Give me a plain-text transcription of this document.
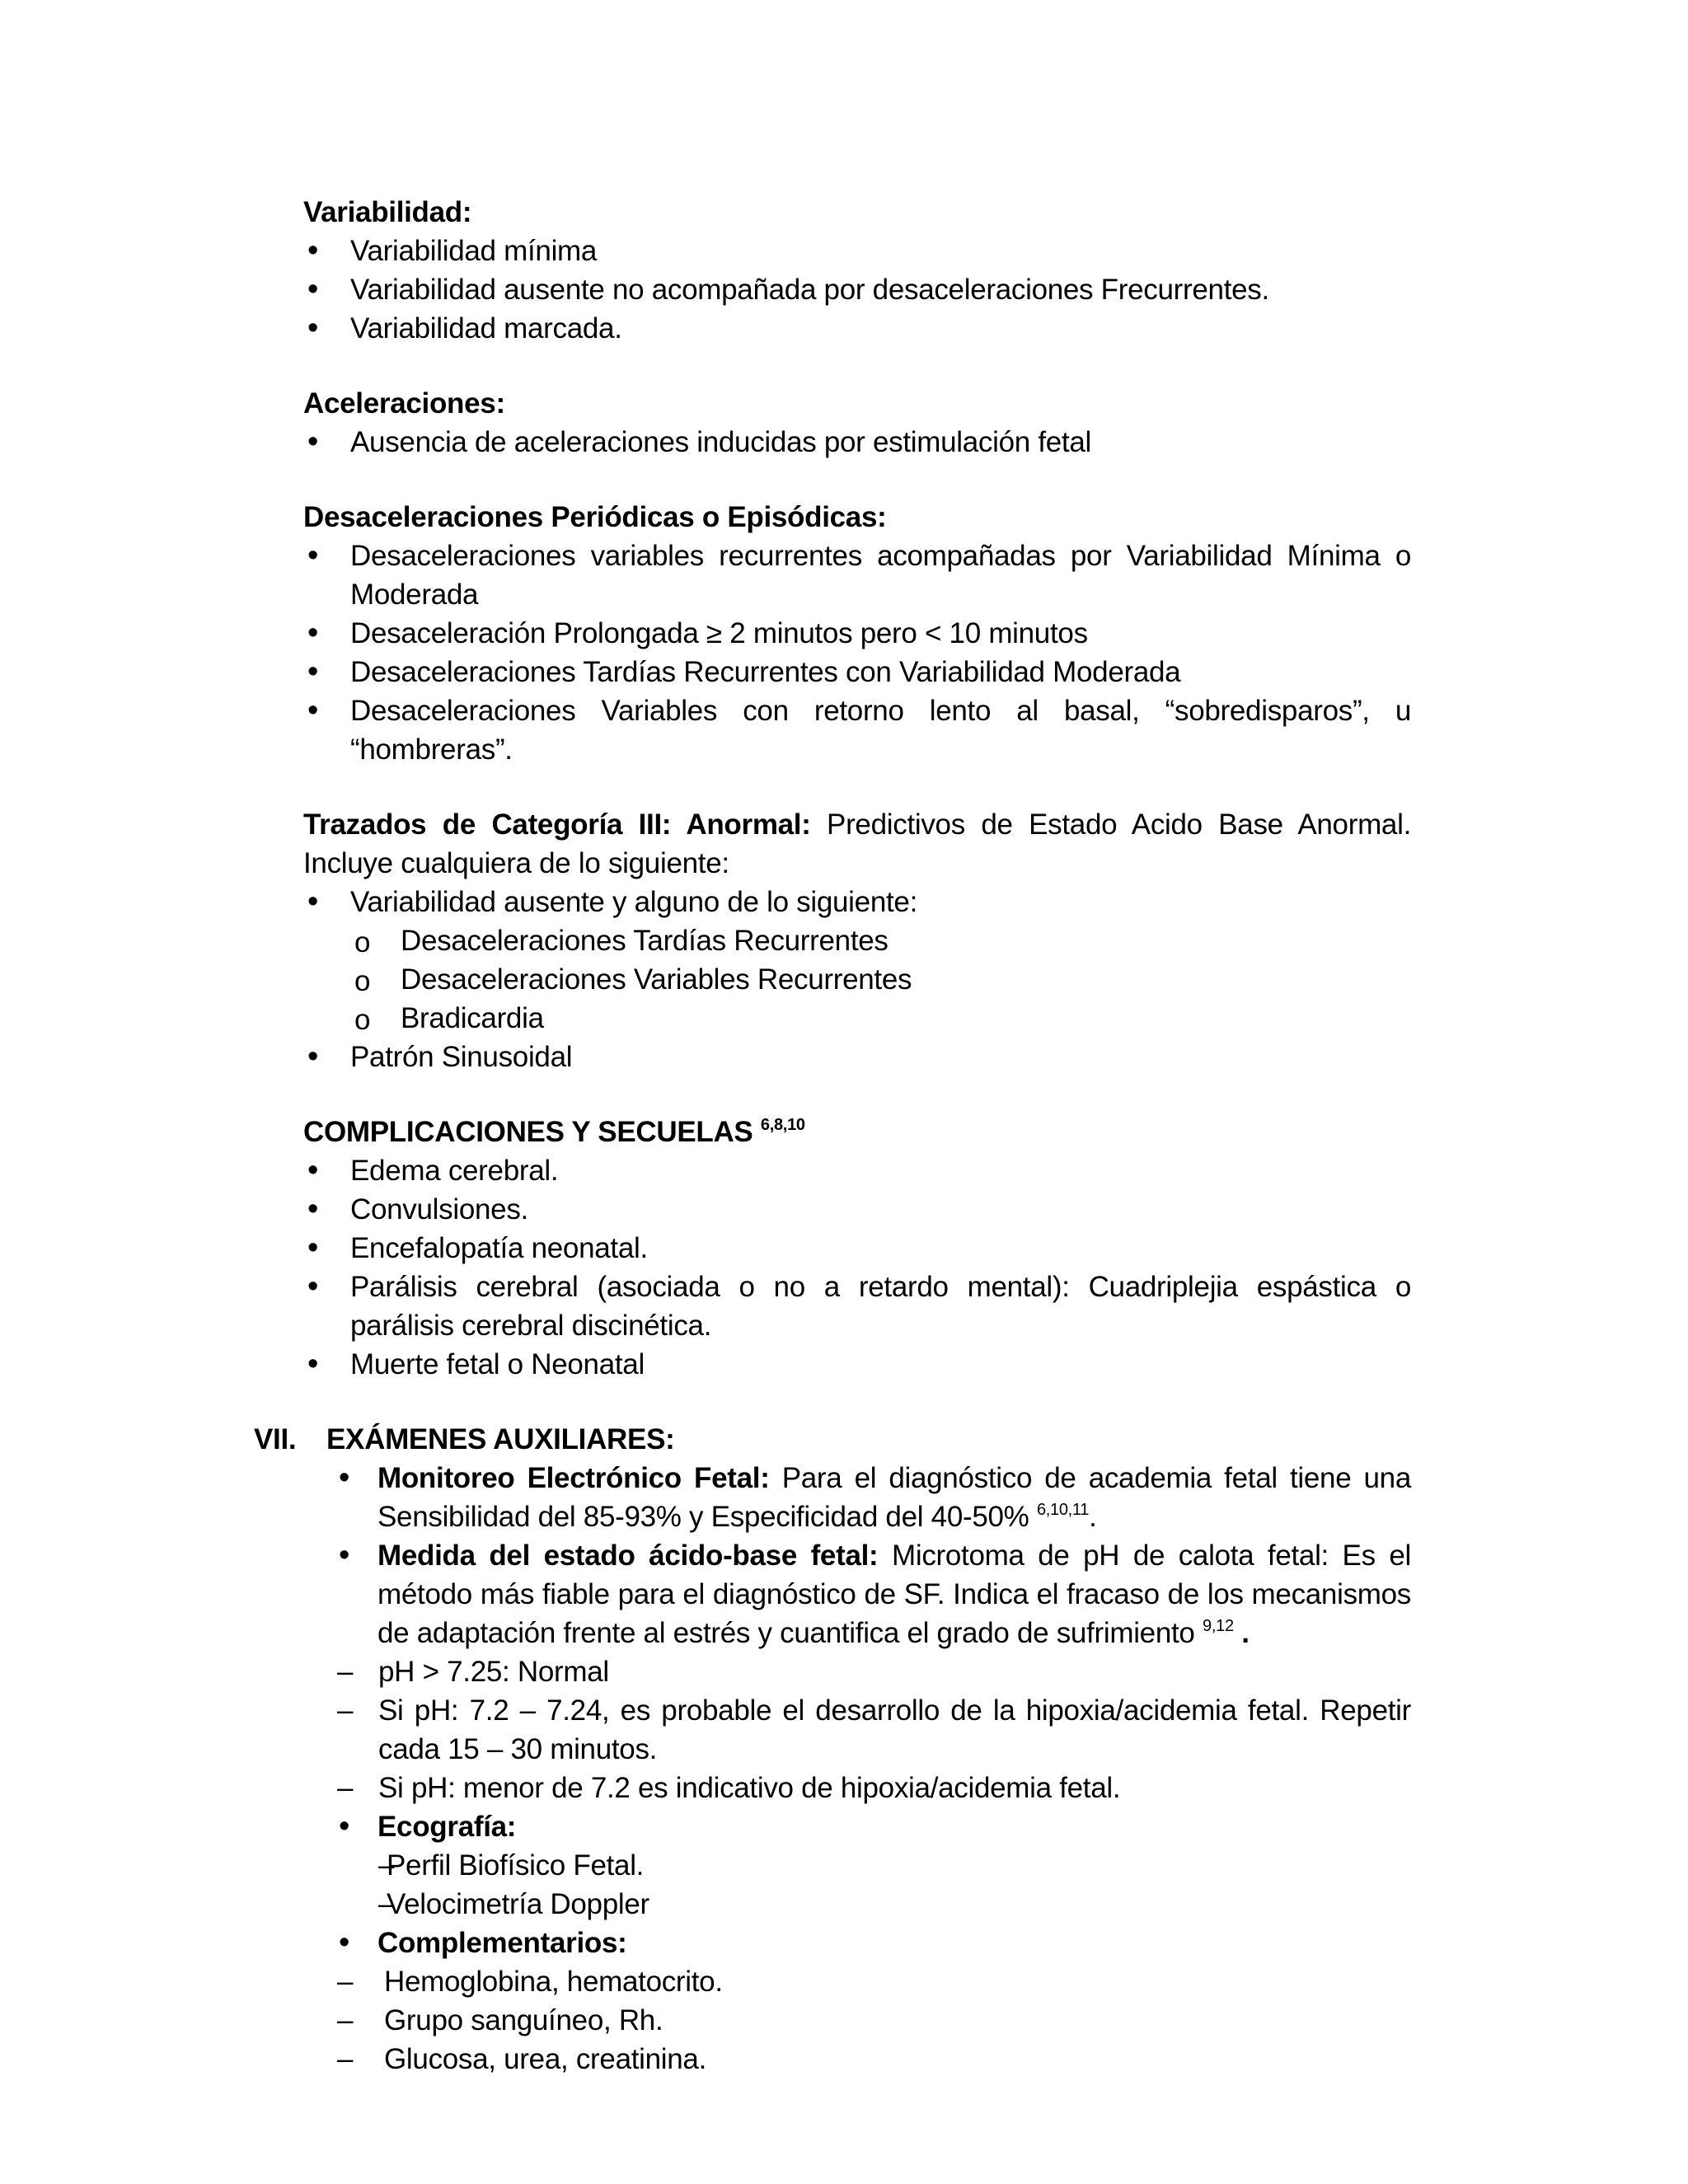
Variabilidad:
• Variabilidad mínima
• Variabilidad ausente no acompañada por desaceleraciones Frecurrentes.
• Variabilidad marcada.
Aceleraciones:
• Ausencia de aceleraciones inducidas por estimulación fetal
Desaceleraciones Periódicas o Episódicas:
• Desaceleraciones variables recurrentes acompañadas por Variabilidad Mínima o Moderada
• Desaceleración Prolongada ≥ 2 minutos pero < 10 minutos
• Desaceleraciones Tardías Recurrentes con Variabilidad Moderada
• Desaceleraciones Variables con retorno lento al basal, “sobredisparos”, u “hombreras”.
Trazados de Categoría III: Anormal: Predictivos de Estado Acido Base Anormal. Incluye cualquiera de lo siguiente:
• Variabilidad ausente y alguno de lo siguiente:
o Desaceleraciones Tardías Recurrentes
o Desaceleraciones Variables Recurrentes
o Bradicardia
• Patrón Sinusoidal
COMPLICACIONES Y SECUELAS $^{6,8,10}$
• Edema cerebral.
• Convulsiones.
• Encefalopatía neonatal.
• Parálisis cerebral (asociada o no a retardo mental): Cuadriplejia espástica o parálisis cerebral discinética.
• Muerte fetal o Neonatal
VII. EXÁMENES AUXILIARES:
• Monitoreo Electrónico Fetal: Para el diagnóstico de academia fetal tiene una Sensibilidad del 85-93% y Especificidad del 40-50% $^{6,10,11}$.
• Medida del estado ácido-base fetal: Microtoma de pH de calota fetal: Es el método más fiable para el diagnóstico de SF. Indica el fracaso de los mecanismos de adaptación frente al estrés y cuantifica el grado de sufrimiento $^{9,12}$ .
– pH > 7.25: Normal
– Si pH: 7.2 – 7.24, es probable el desarrollo de la hipoxia/acidemia fetal. Repetir cada 15 – 30 minutos.
– Si pH: menor de 7.2 es indicativo de hipoxia/acidemia fetal.
• Ecografía:
– Perfil Biofísico Fetal.
– Velocimetría Doppler
• Complementarios:
– Hemoglobina, hematocrito.
– Grupo sanguíneo, Rh.
– Glucosa, urea, creatinina.
